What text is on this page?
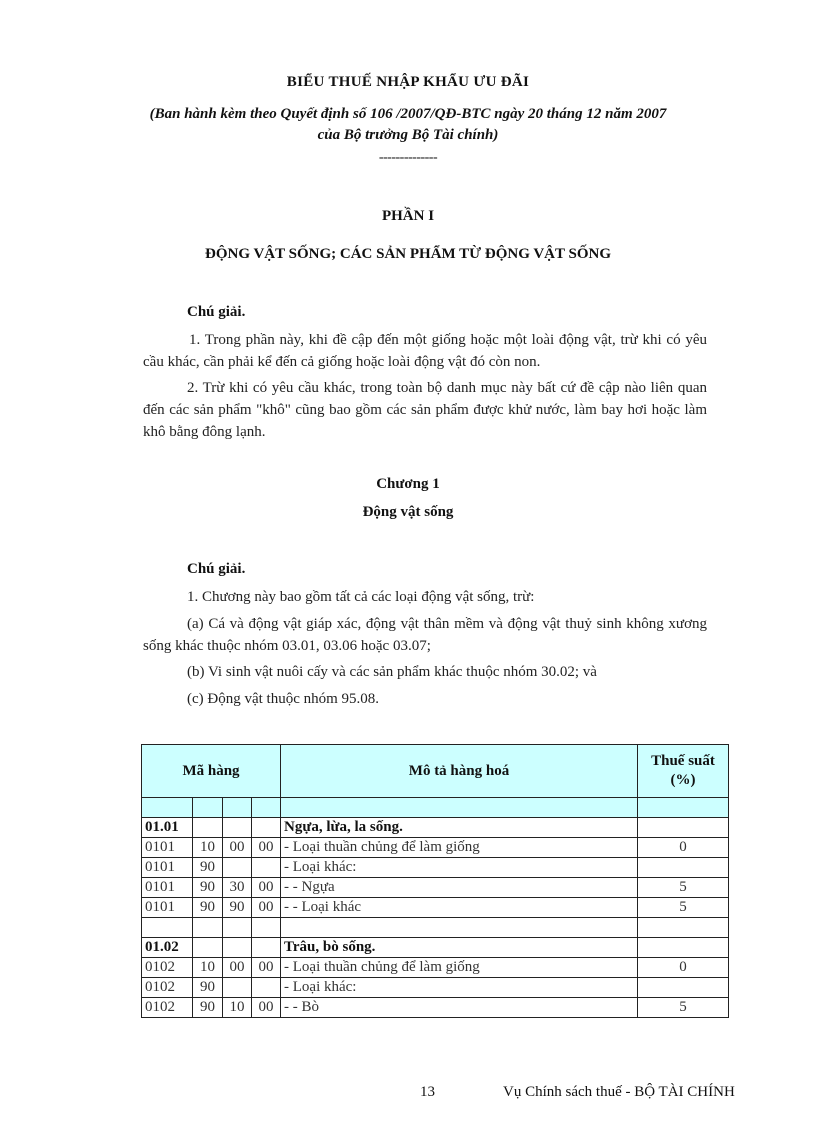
BIỂU THUẾ NHẬP KHẨU ƯU ĐÃI
(Ban hành kèm theo Quyết định số 106 /2007/QĐ-BTC ngày 20 tháng 12 năm 2007
của Bộ trưởng Bộ Tài chính)
--------------
PHẦN I
ĐỘNG VẬT SỐNG; CÁC SẢN PHẨM TỪ ĐỘNG VẬT SỐNG
Chú giải.
1. Trong phần này, khi đề cập đến một giống hoặc một loài động vật, trừ khi có yêu cầu khác, cần phải kể đến cả giống hoặc loài động vật đó còn non.
2. Trừ khi có yêu cầu khác, trong toàn bộ danh mục này bất cứ đề cập nào liên quan đến các sản phẩm "khô" cũng bao gồm các sản phẩm được khử nước, làm bay hơi hoặc làm khô bằng đông lạnh.
Chương 1
Động vật sống
Chú giải.
1. Chương này bao gồm tất cả các loại động vật sống, trừ:
(a) Cá và động vật giáp xác, động vật thân mềm và động vật thuỷ sinh không xương sống khác thuộc nhóm 03.01, 03.06 hoặc 03.07;
(b) Vi sinh vật nuôi cấy và các sản phẩm khác thuộc nhóm 30.02; và
(c) Động vật thuộc nhóm 95.08.
Mã hàng				Mô tả hàng hoá	Thuế suất
(%)

01.01				Ngựa, lừa, la sống.	
0101	10	00	00	- Loại thuần chủng để làm giống	0
0101	90			- Loại khác:	
0101	90	30	00	- - Ngựa	5
0101	90	90	00	- - Loại khác	5

01.02				Trâu, bò sống.	
0102	10	00	00	- Loại thuần chủng để làm giống	0
0102	90			- Loại khác:	
0102	90	10	00	- - Bò	5
13	Vụ Chính sách thuế - BỘ TÀI CHÍNH
